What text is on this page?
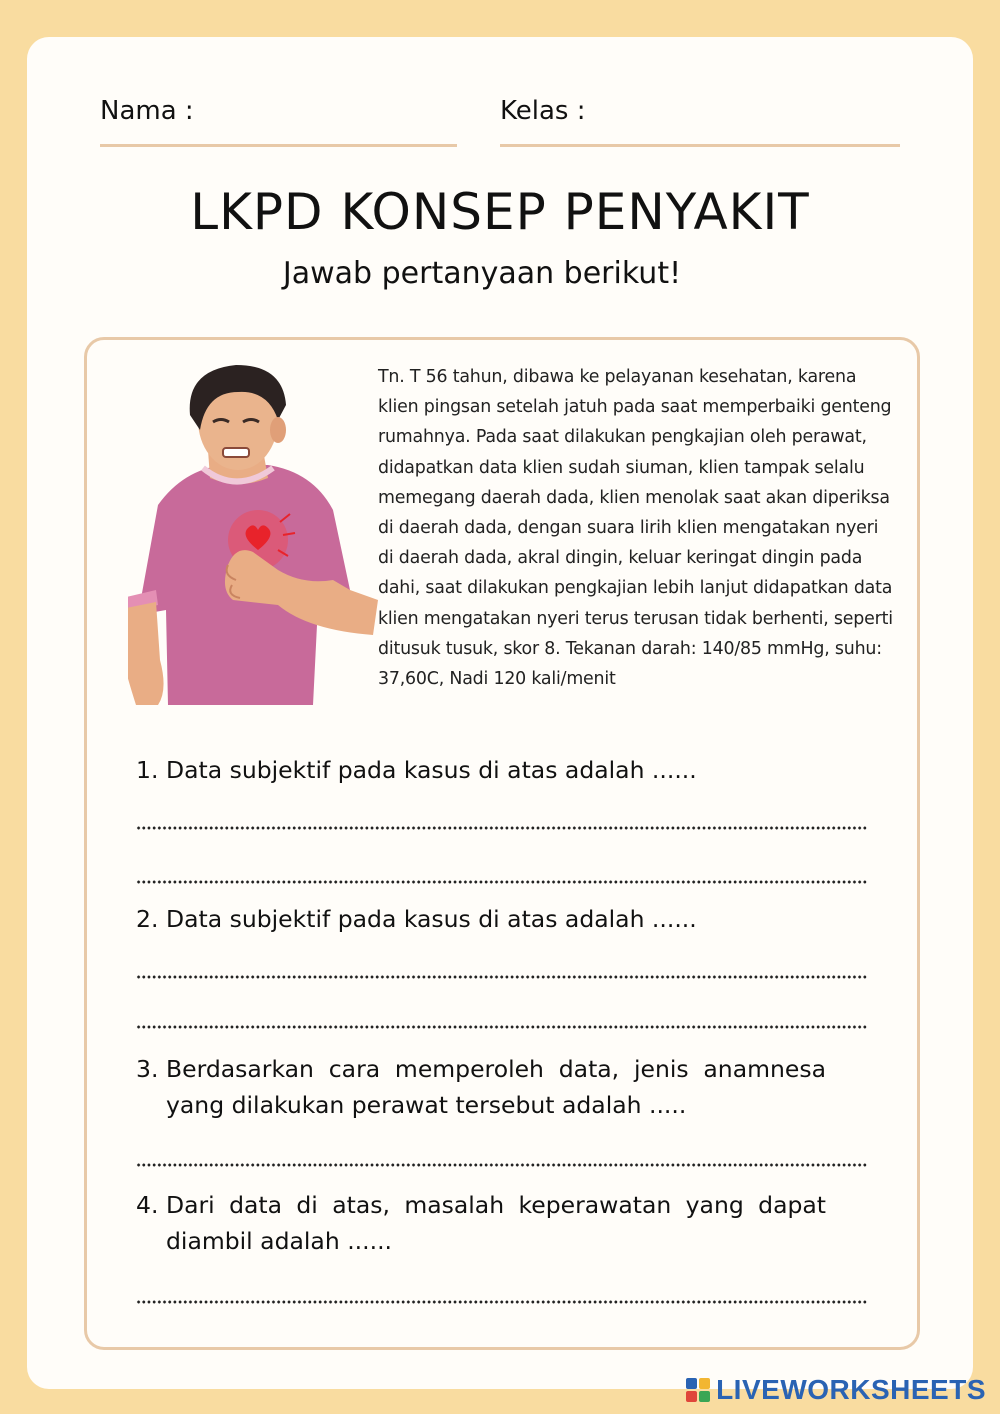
Nama :	Kelas :
LKPD KONSEP PENYAKIT
Jawab pertanyaan berikut!
Tn. T 56 tahun, dibawa ke pelayanan kesehatan, karena klien pingsan setelah jatuh pada saat memperbaiki genteng rumahnya. Pada saat dilakukan pengkajian oleh perawat, didapatkan data klien sudah siuman, klien tampak selalu memegang daerah dada, klien menolak saat akan diperiksa di daerah dada, dengan suara lirih klien mengatakan nyeri di daerah dada, akral dingin, keluar keringat dingin pada dahi, saat dilakukan pengkajian lebih lanjut didapatkan data klien mengatakan nyeri terus terusan tidak berhenti, seperti ditusuk tusuk, skor 8. Tekanan darah: 140/85 mmHg, suhu: 37,60C, Nadi 120 kali/menit
1. Data subjektif pada kasus di atas adalah ......
2. Data subjektif pada kasus di atas adalah ......
3. Berdasarkan cara memperoleh data, jenis anamnesa yang dilakukan perawat tersebut adalah .....
4. Dari data di atas, masalah keperawatan yang dapat diambil adalah ......
LIVEWORKSHEETS
